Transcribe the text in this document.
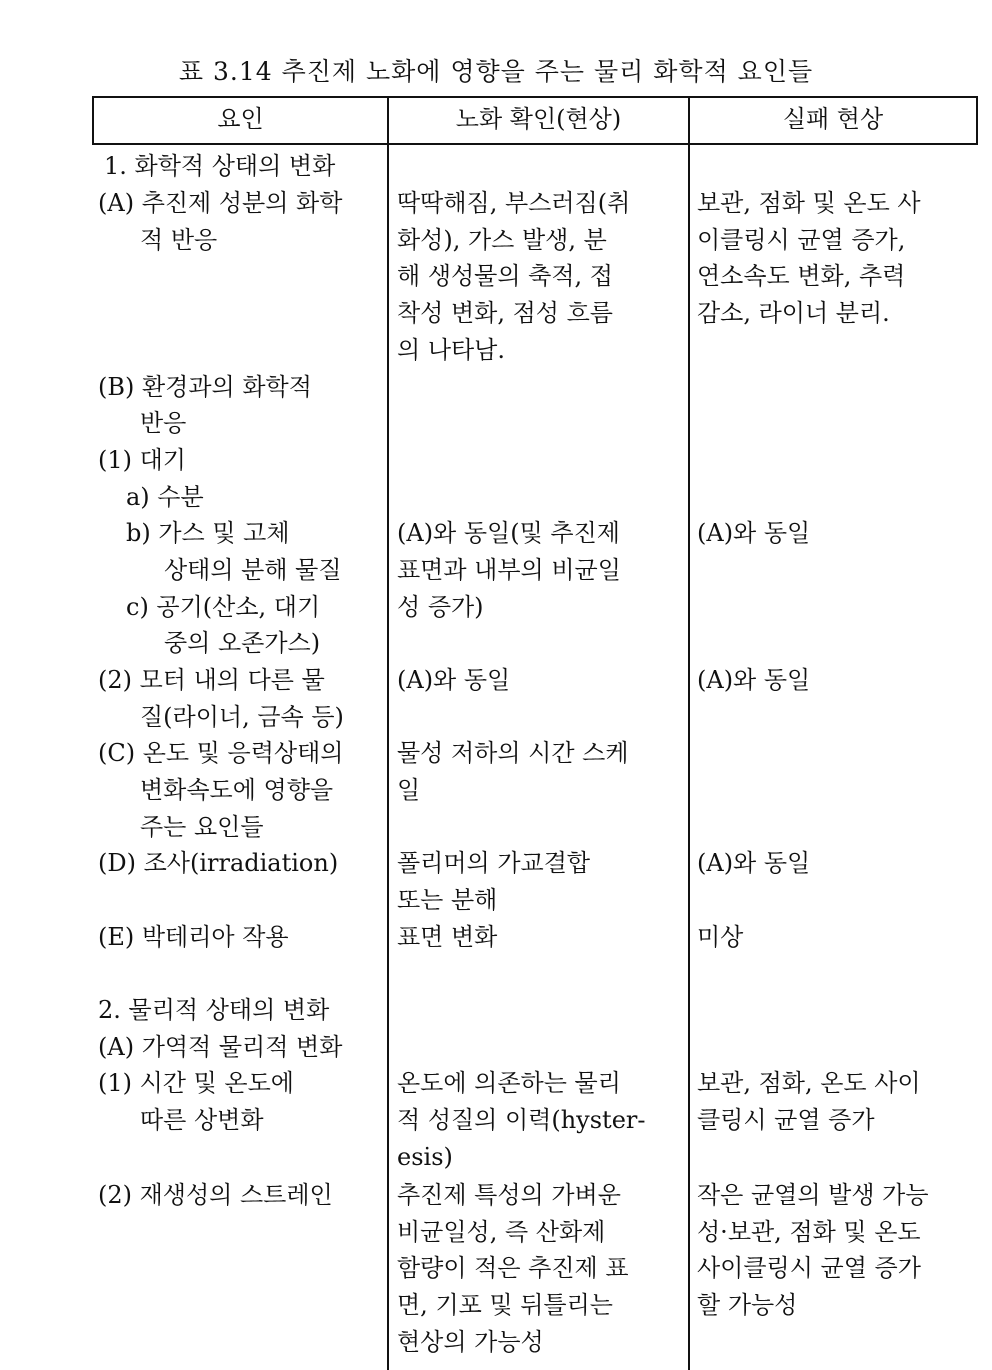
표 3.14 추진제 노화에 영향을 주는 물리 화학적 요인들
요인	노화 확인(현상)	실패 현상
1. 화학적 상태의 변화
(A) 추진제 성분의 화학
적 반응
(B) 환경과의 화학적
반응
(1) 대기
a) 수분
b) 가스 및 고체
상태의 분해 물질
c) 공기(산소, 대기
중의 오존가스)
(2) 모터 내의 다른 물
질(라이너, 금속 등)
(C) 온도 및 응력상태의
변화속도에 영향을
주는 요인들
(D) 조사(irradiation)
(E) 박테리아 작용
2. 물리적 상태의 변화
(A) 가역적 물리적 변화
(1) 시간 및 온도에
따른 상변화
(2) 재생성의 스트레인
딱딱해짐, 부스러짐(취
화성), 가스 발생, 분
해 생성물의 축적, 접
착성 변화, 점성 흐름
의 나타남.
(A)와 동일(및 추진제
표면과 내부의 비균일
성 증가)
(A)와 동일
물성 저하의 시간 스케
일
폴리머의 가교결합
또는 분해
표면 변화
온도에 의존하는 물리
적 성질의 이력(hyster-
esis)
추진제 특성의 가벼운
비균일성, 즉 산화제
함량이 적은 추진제 표
면, 기포 및 뒤틀리는
현상의 가능성
보관, 점화 및 온도 사
이클링시 균열 증가,
연소속도 변화, 추력
감소, 라이너 분리.
(A)와 동일
(A)와 동일
(A)와 동일
미상
보관, 점화, 온도 사이
클링시 균열 증가
작은 균열의 발생 가능
성·보관, 점화 및 온도
사이클링시 균열 증가
할 가능성
